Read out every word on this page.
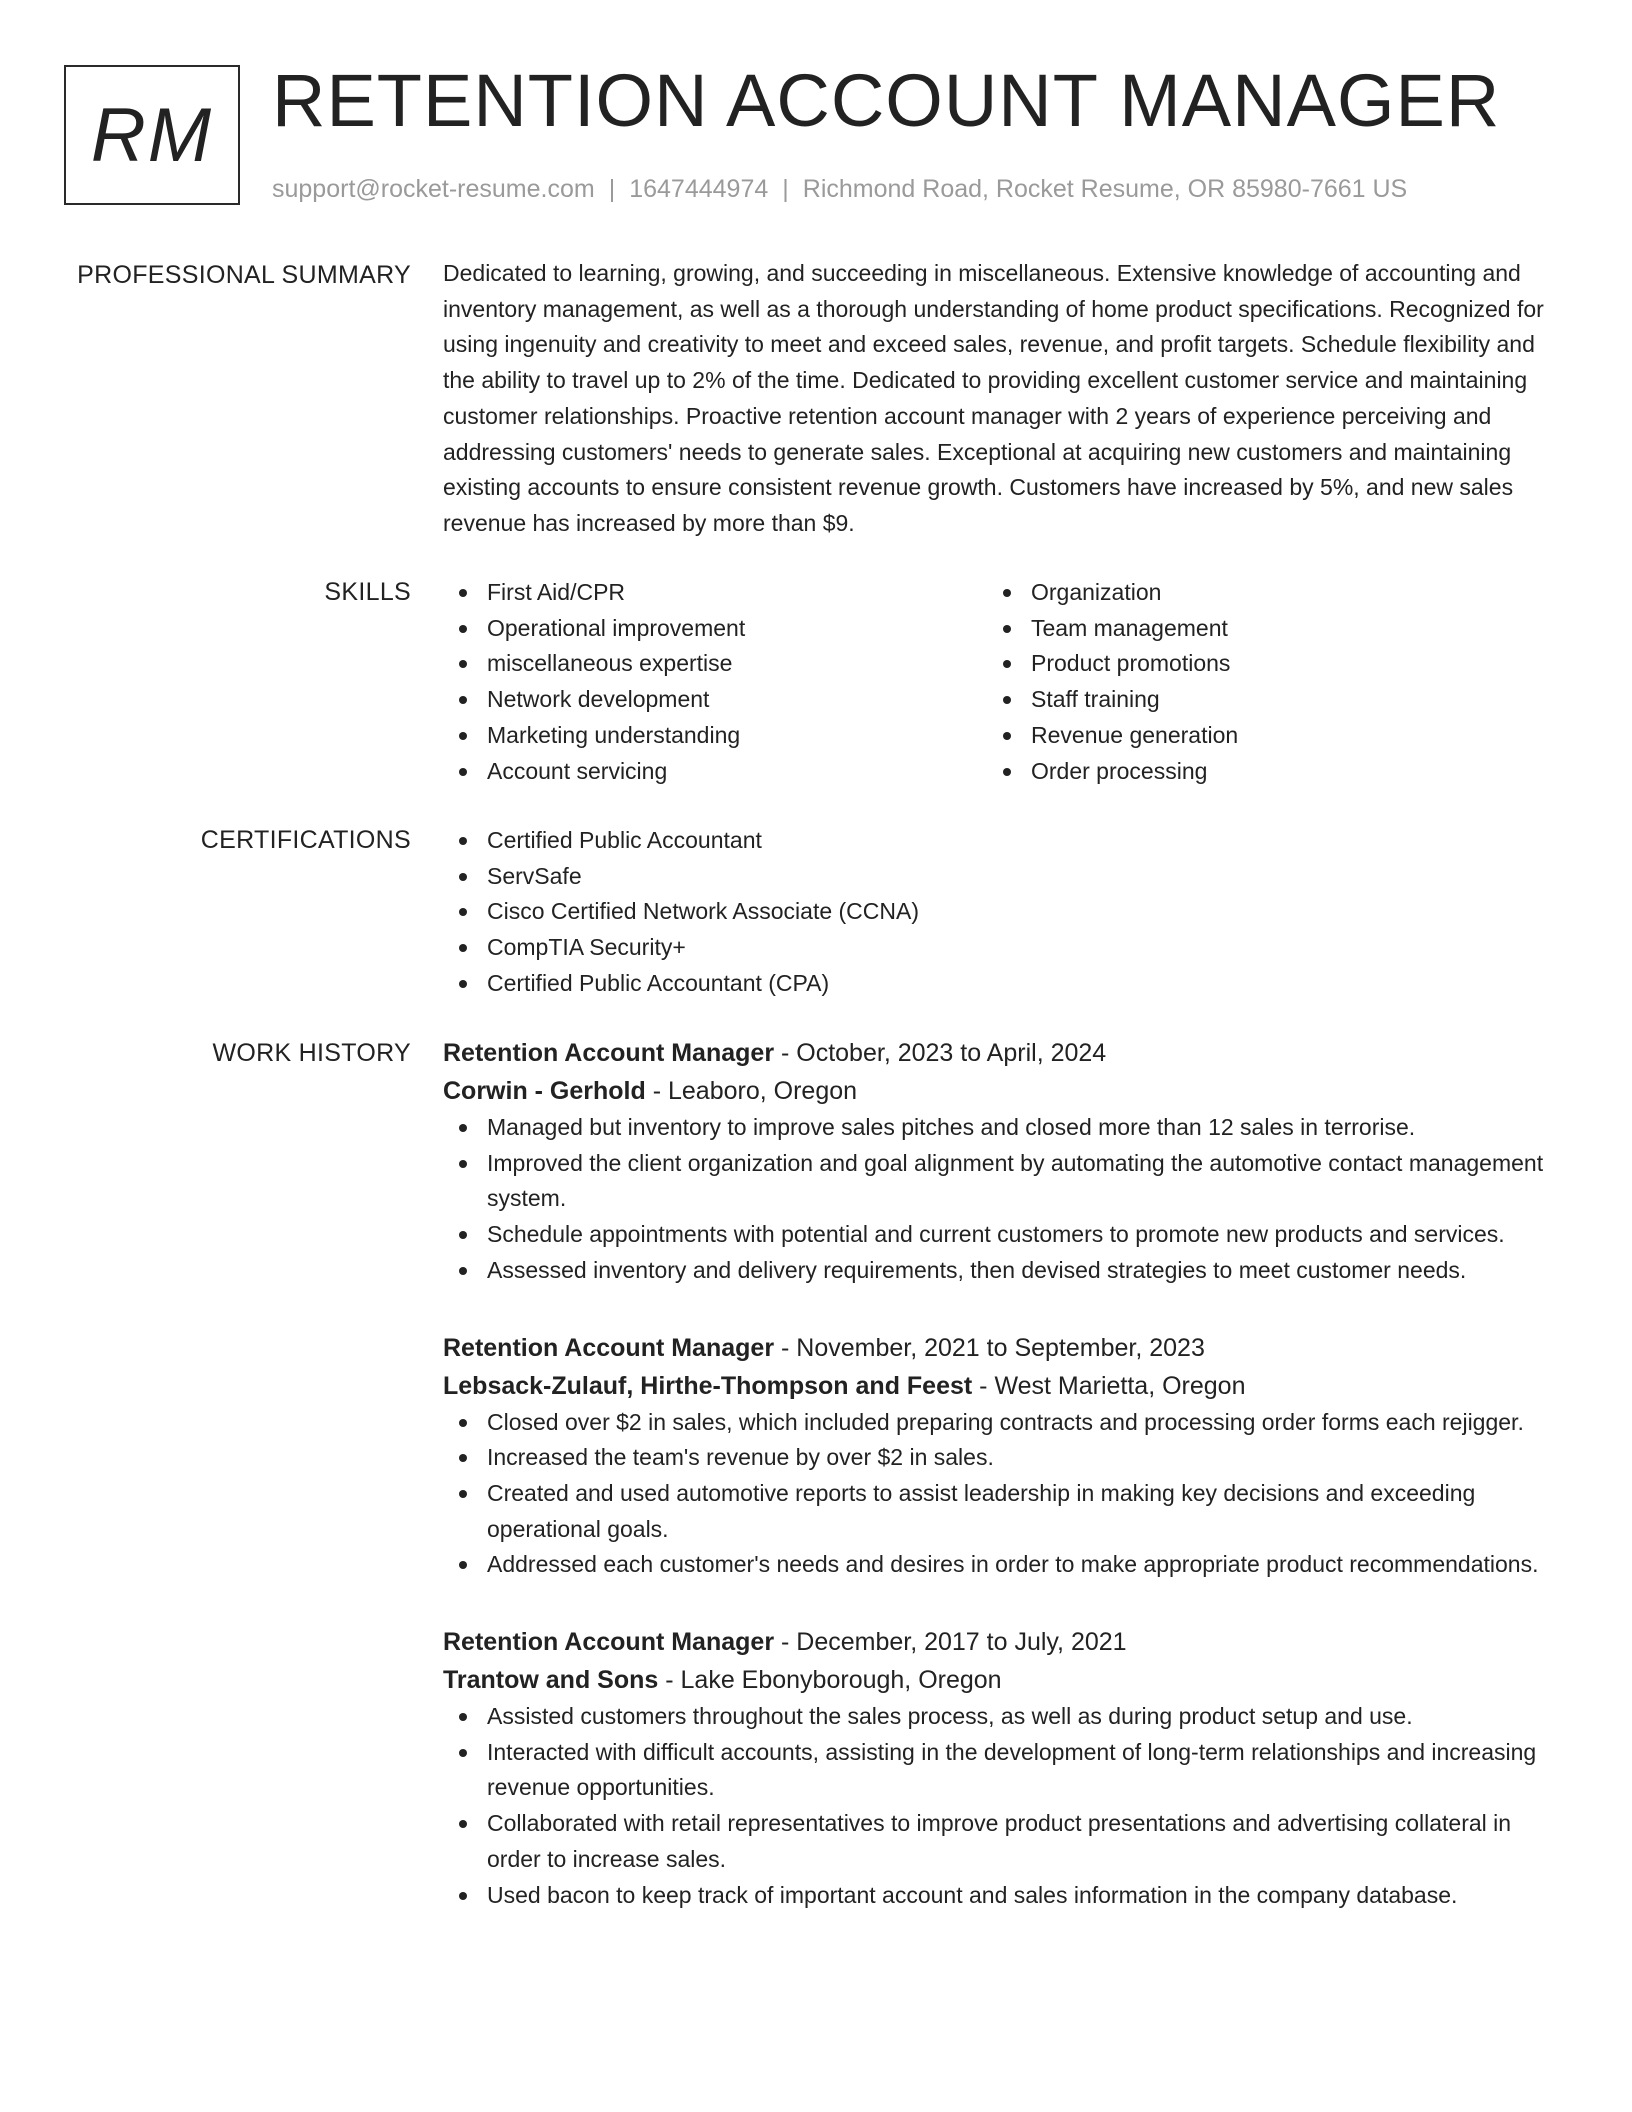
RM RETENTION ACCOUNT MANAGER
support@rocket-resume.com | 1647444974 | Richmond Road, Rocket Resume, OR 85980-7661 US
PROFESSIONAL SUMMARY Dedicated to learning, growing, and succeeding in miscellaneous. Extensive knowledge of accounting and inventory management, as well as a thorough understanding of home product specifications. Recognized for using ingenuity and creativity to meet and exceed sales, revenue, and profit targets. Schedule flexibility and the ability to travel up to 2% of the time. Dedicated to providing excellent customer service and maintaining customer relationships. Proactive retention account manager with 2 years of experience perceiving and addressing customers' needs to generate sales. Exceptional at acquiring new customers and maintaining existing accounts to ensure consistent revenue growth. Customers have increased by 5%, and new sales revenue has increased by more than $9.

SKILLS	First Aid/CPR
Operational improvement
miscellaneous expertise
Network development
Marketing understanding
Account servicing
Organization
Team management
Product promotions
Staff training
Revenue generation
Order processing
CERTIFICATIONS	Certified Public Accountant
ServSafe
Cisco Certified Network Associate (CCNA)
CompTIA Security+
Certified Public Accountant (CPA)
WORK HISTORY Retention Account Manager - October, 2023 to April, 2024
Corwin - Gerhold - Leaboro, Oregon
Managed but inventory to improve sales pitches and closed more than 12 sales in terrorise.
Improved the client organization and goal alignment by automating the automotive contact management system.
Schedule appointments with potential and current customers to promote new products and services.
Assessed inventory and delivery requirements, then devised strategies to meet customer needs.
Retention Account Manager - November, 2021 to September, 2023
Lebsack-Zulauf, Hirthe-Thompson and Feest - West Marietta, Oregon
Closed over $2 in sales, which included preparing contracts and processing order forms each rejigger.
Increased the team's revenue by over $2 in sales.
Created and used automotive reports to assist leadership in making key decisions and exceeding operational goals.
Addressed each customer's needs and desires in order to make appropriate product recommendations.
Retention Account Manager - December, 2017 to July, 2021
Trantow and Sons - Lake Ebonyborough, Oregon
Assisted customers throughout the sales process, as well as during product setup and use.
Interacted with difficult accounts, assisting in the development of long-term relationships and increasing revenue opportunities.
Collaborated with retail representatives to improve product presentations and advertising collateral in order to increase sales.
Used bacon to keep track of important account and sales information in the company database.
